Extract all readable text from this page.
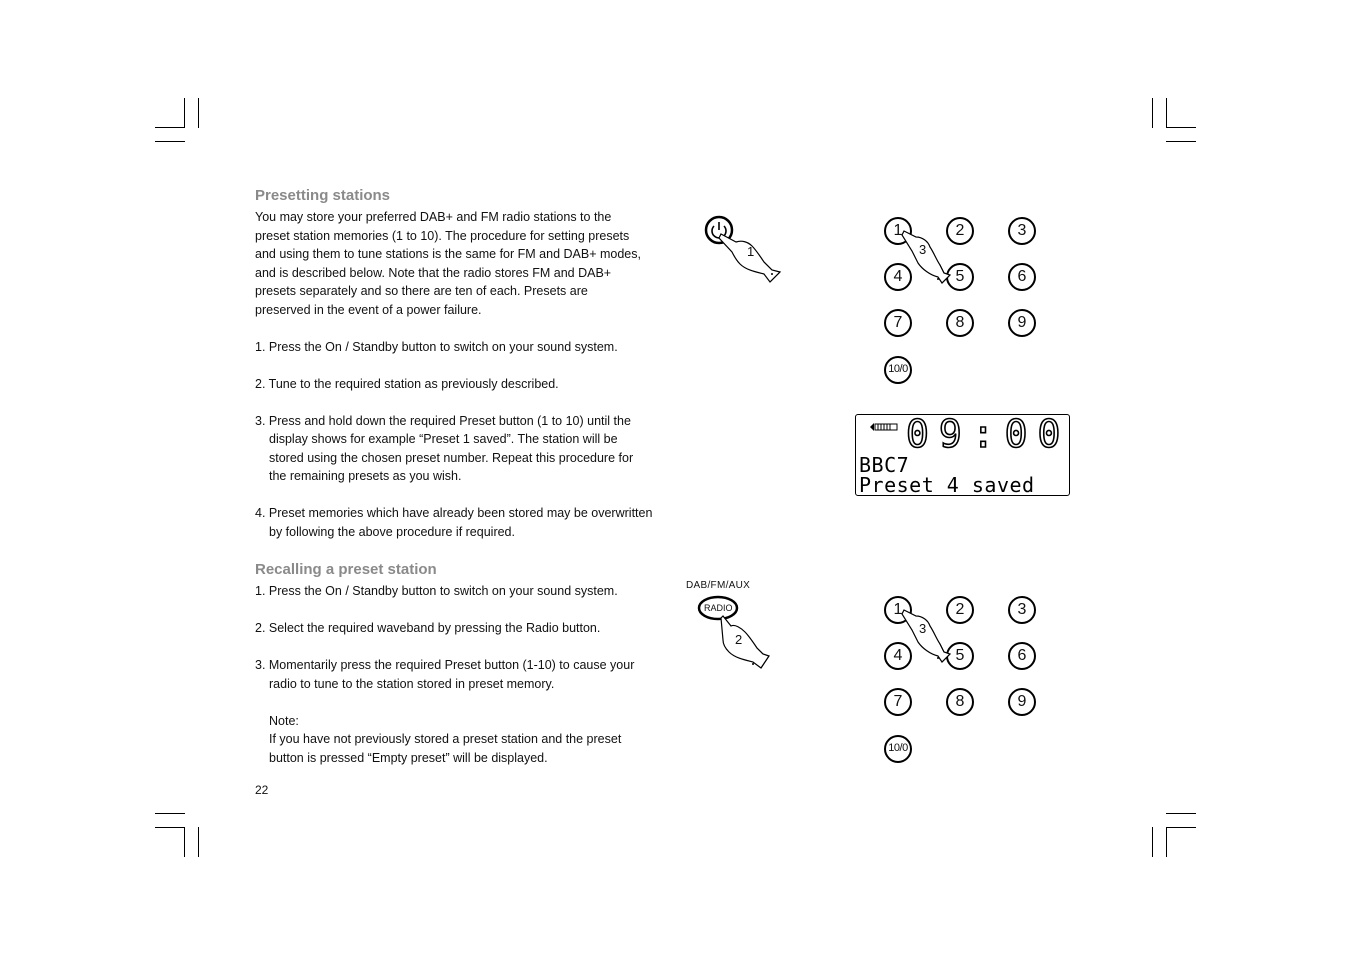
Presetting stations

You may store your preferred DAB+ and FM radio stations to the

preset station memories (1 to 10). The procedure for setting presets

and using them to tune stations is the same for FM and DAB+ modes,

and is described below. Note that the radio stores FM and DAB+

presets separately and so there are ten of each. Presets are

preserved in the event of a power failure.

1. Press the On / Standby button to switch on your sound system.

2. Tune to the required station as previously described.

3. Press and hold down the required Preset button (1 to 10) until the

display shows for example “Preset 1 saved”. The station will be

stored using the chosen preset number. Repeat this procedure for

the remaining presets as you wish.

4. Preset memories which have already been stored may be overwritten

by following the above procedure if required.

Recalling a preset station

1. Press the On / Standby button to switch on your sound system.

2. Select the required waveband by pressing the Radio button.

3. Momentarily press the required Preset button (1-10) to cause your

radio to tune to the station stored in preset memory.

Note:

If you have not previously stored a preset station and the preset

button is pressed “Empty preset” will be displayed.

22
1
DAB/FM/AUX
RADIO
2
1	2	3
4	5	6
7	8	9
10/0
3
09:00
BBC7
Preset 4 saved
1	2	3
4	5	6
7	8	9
10/0
3
